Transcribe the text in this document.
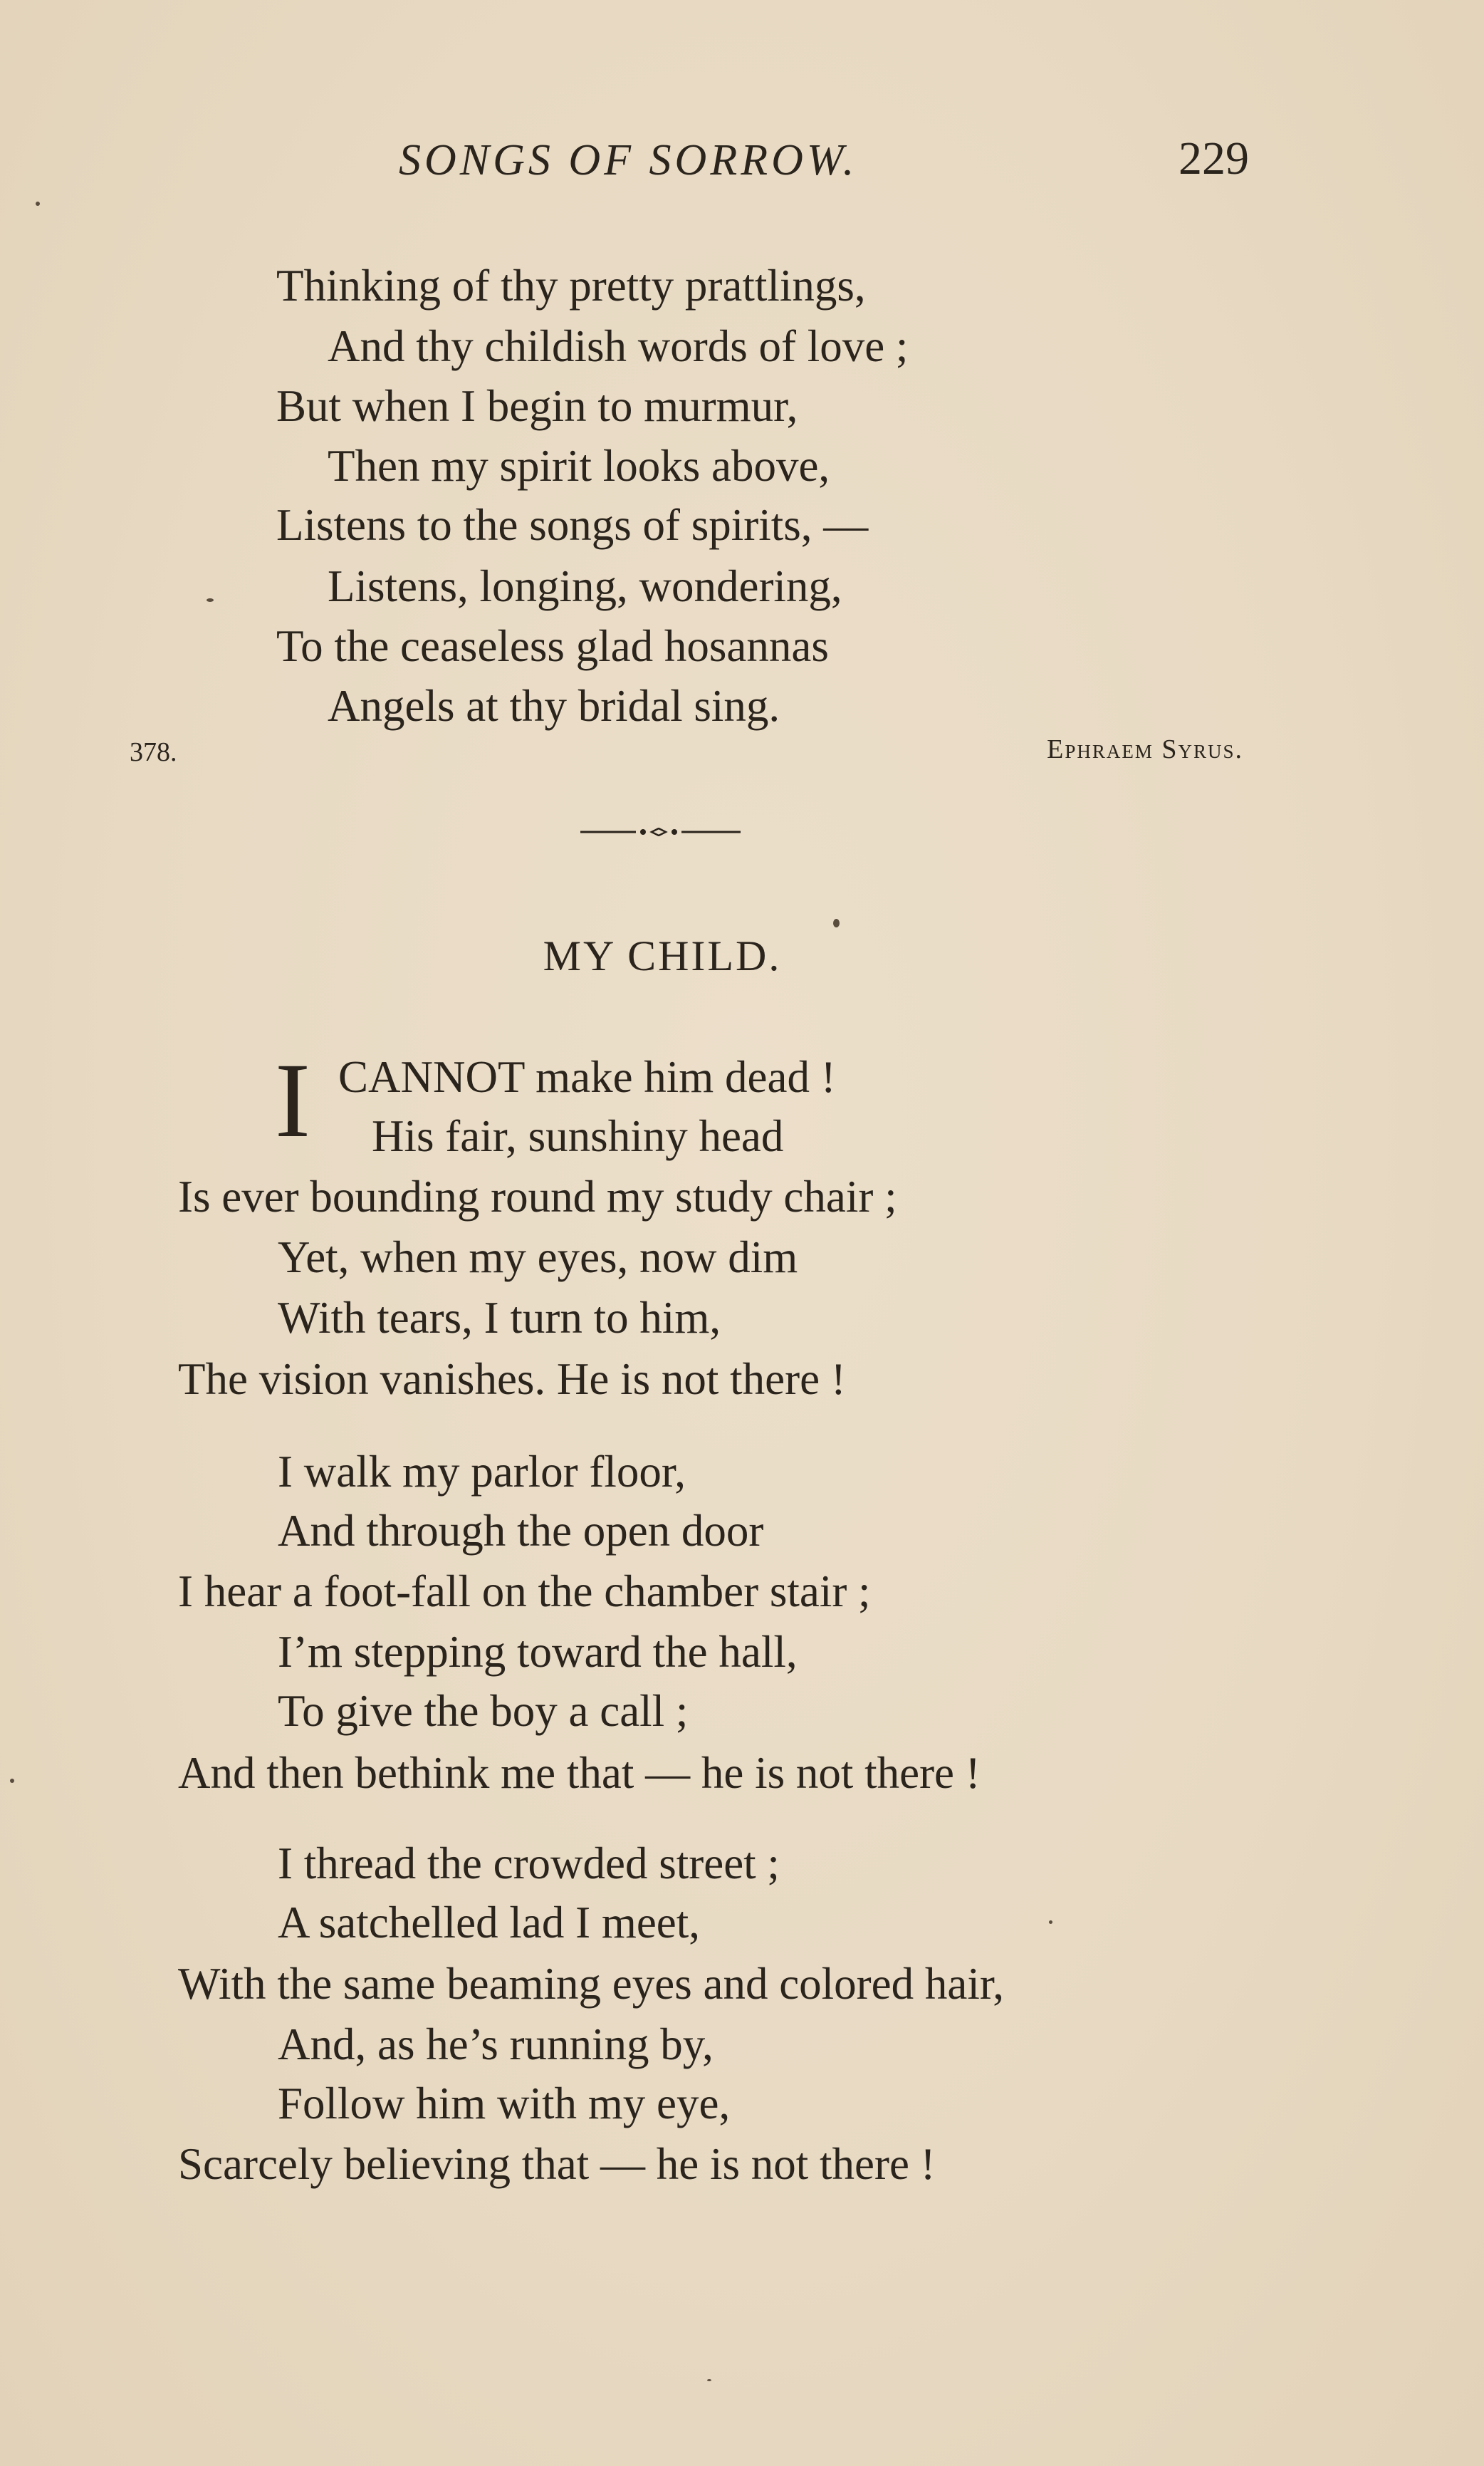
SONGS OF SORROW.	229
Thinking of thy pretty prattlings,
And thy childish words of love ;
But when I begin to murmur,
Then my spirit looks above,
Listens to the songs of spirits, —
Listens, longing, wondering,
To the ceaseless glad hosannas
Angels at thy bridal sing.
378.	Ephraem Syrus.
MY CHILD.
I CANNOT make him dead !
His fair, sunshiny head
Is ever bounding round my study chair ;
Yet, when my eyes, now dim
With tears, I turn to him,
The vision vanishes. He is not there !
I walk my parlor floor,
And through the open door
I hear a foot-fall on the chamber stair ;
I’m stepping toward the hall,
To give the boy a call ;
And then bethink me that — he is not there !
I thread the crowded street ;
A satchelled lad I meet,
With the same beaming eyes and colored hair,
And, as he’s running by,
Follow him with my eye,
Scarcely believing that — he is not there !
